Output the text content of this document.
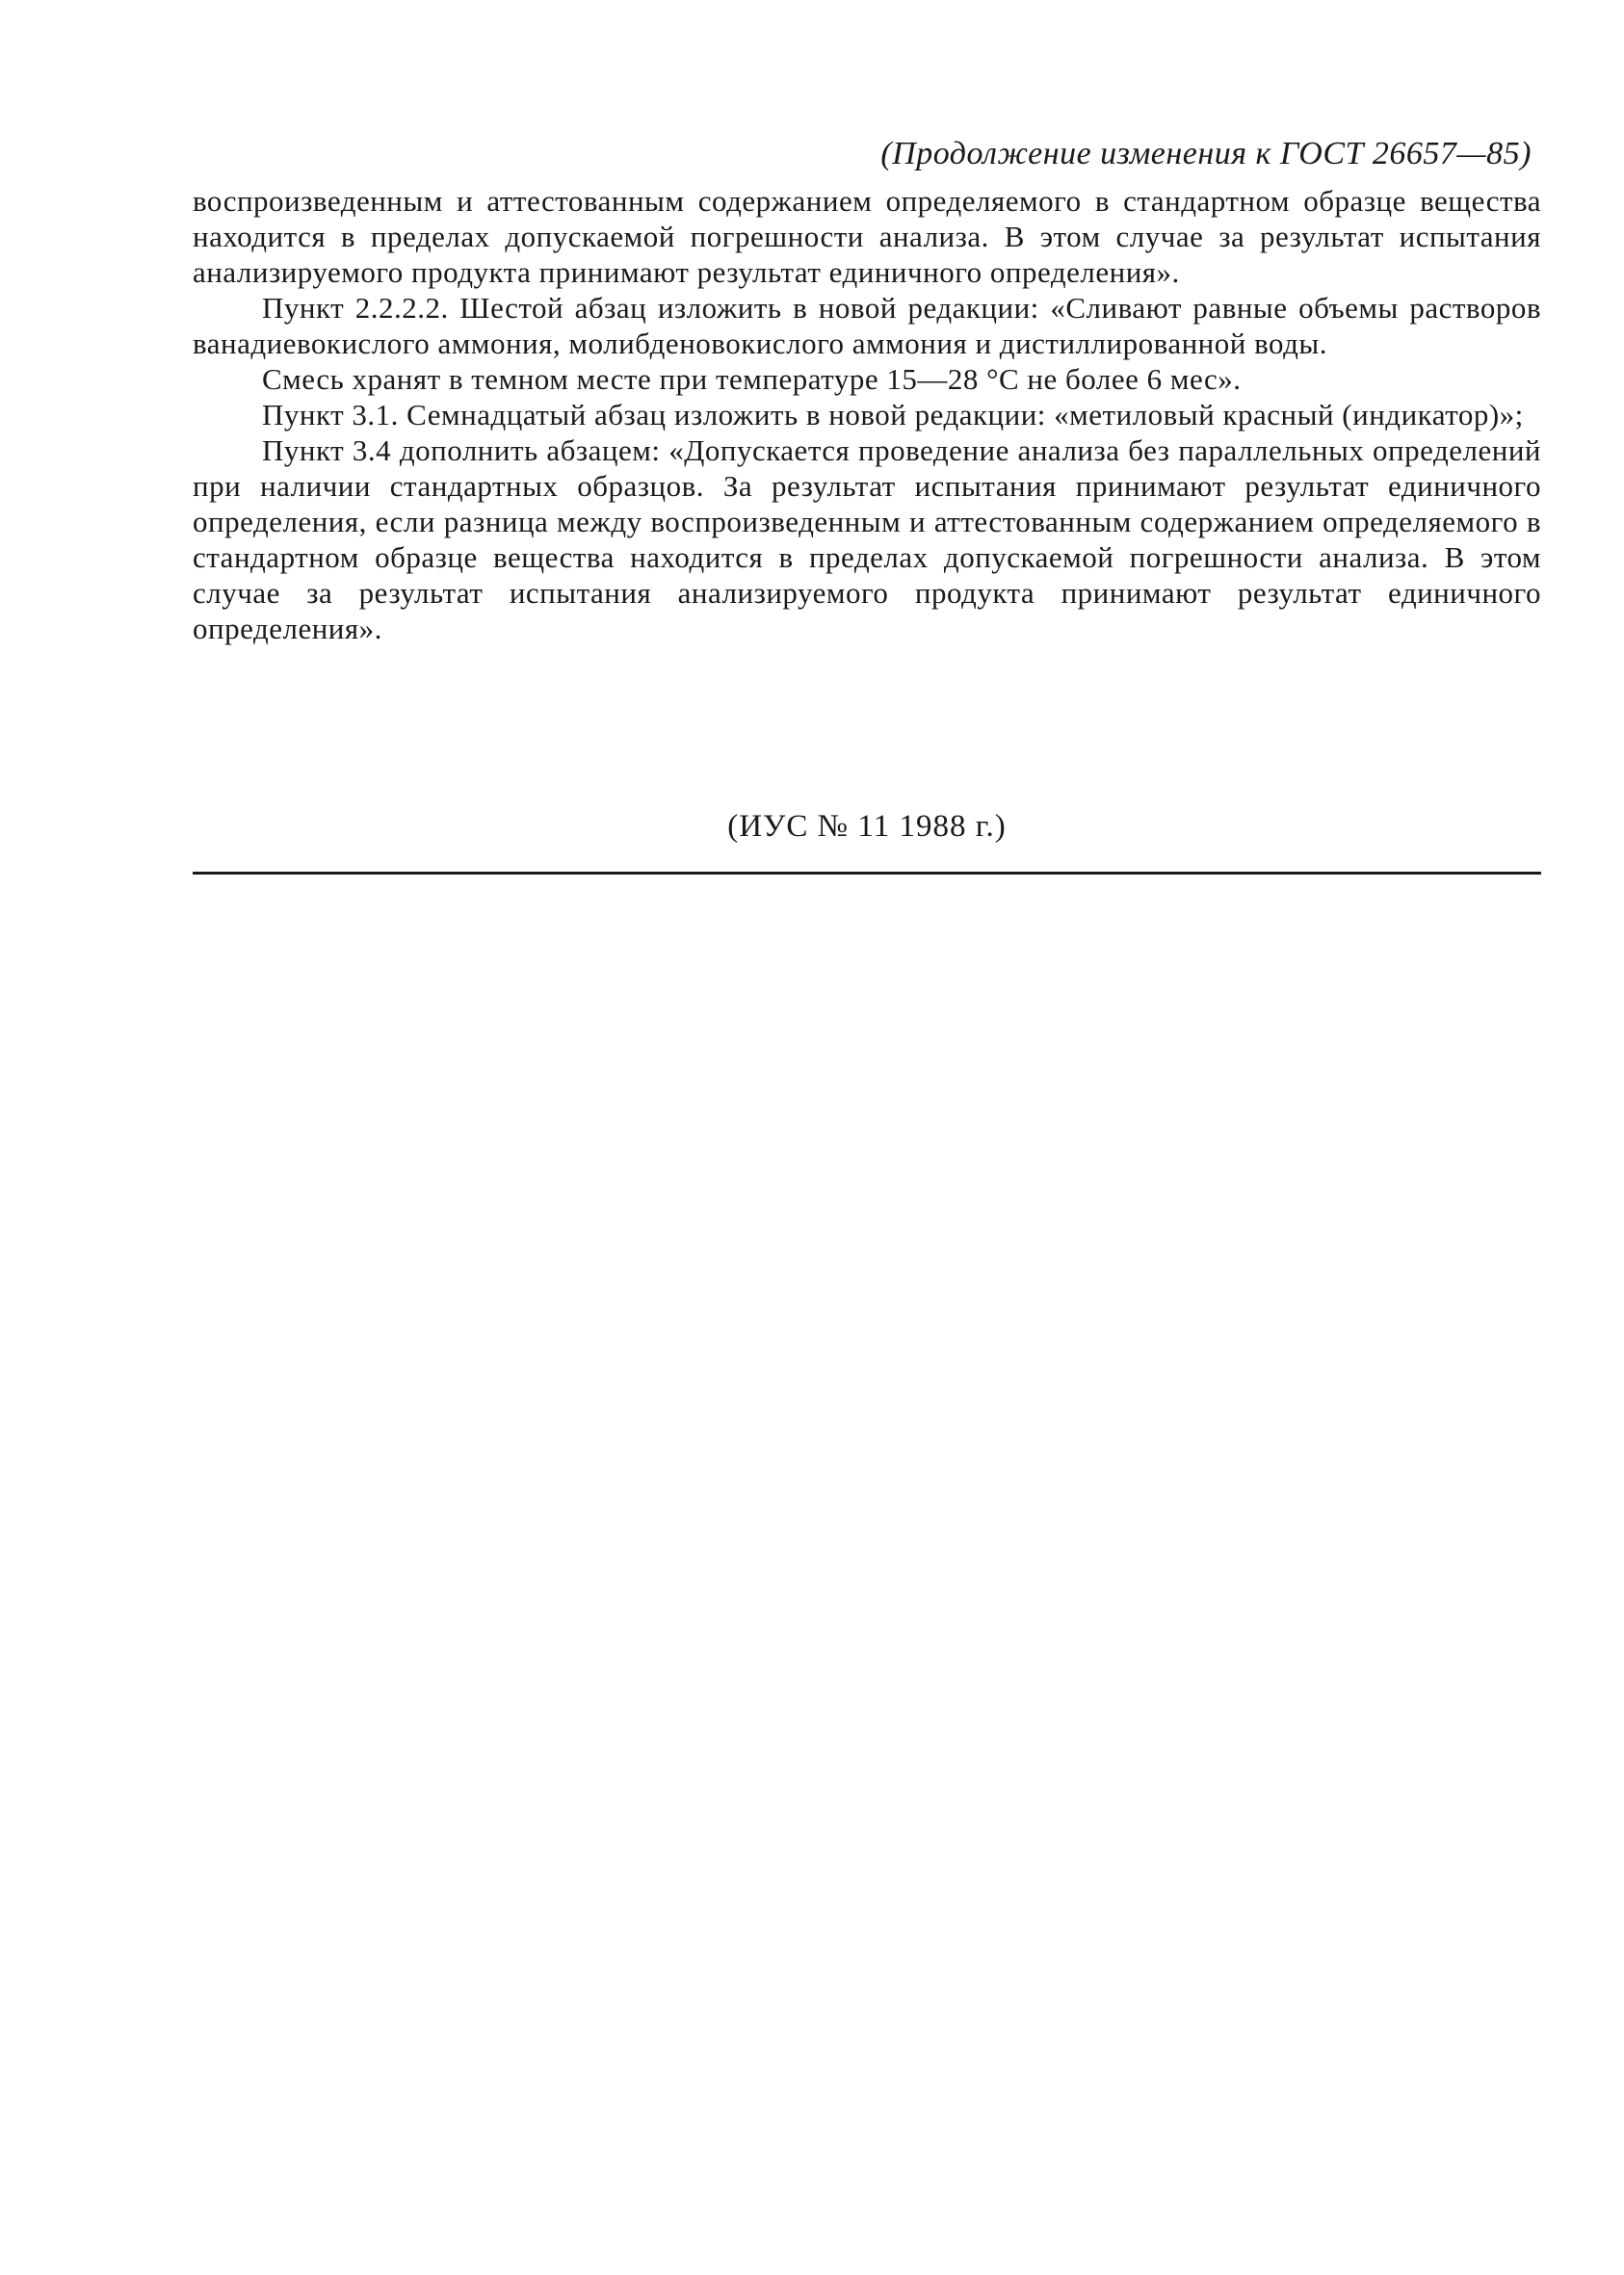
(Продолжение изменения к ГОСТ 26657—85)

воспроизведенным и аттестованным содержанием определяемого в стандартном образце вещества находится в пределах допускаемой погрешности анализа. В этом случае за результат испытания анализируемого продукта принимают результат единичного определения».

Пункт 2.2.2.2. Шестой абзац изложить в новой редакции: «Сливают равные объемы растворов ванадиевокислого аммония, молибденовокислого аммония и дистиллированной воды.

Смесь хранят в темном месте при температуре 15—28 °С не более 6 мес».

Пункт 3.1. Семнадцатый абзац изложить в новой редакции: «метиловый красный (индикатор)»;

Пункт 3.4 дополнить абзацем: «Допускается проведение анализа без параллельных определений при наличии стандартных образцов. За результат испытания принимают результат единичного определения, если разница между воспроизведенным и аттестованным содержанием определяемого в стандартном образце вещества находится в пределах допускаемой погрешности анализа. В этом случае за результат испытания анализируемого продукта принимают результат единичного определения».

(ИУС № 11 1988 г.)
